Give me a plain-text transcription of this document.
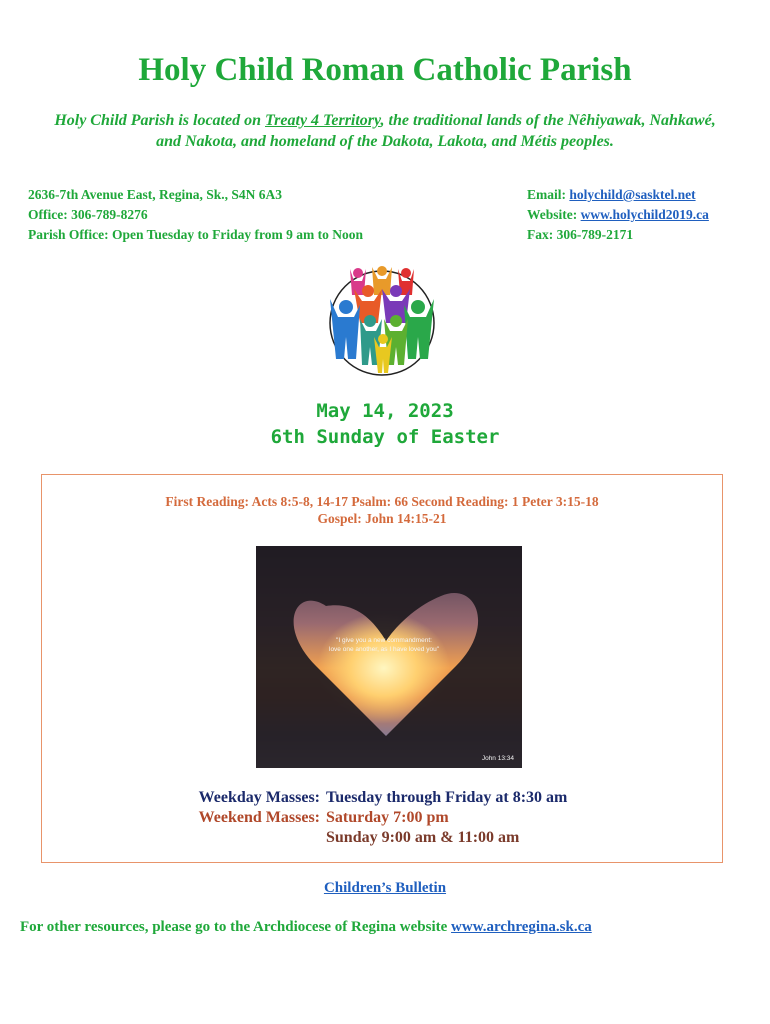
Holy Child Roman Catholic Parish
Holy Child Parish is located on Treaty 4 Territory, the traditional lands of the Nêhiyawak, Nahkawé, and Nakota, and homeland of the Dakota, Lakota, and Métis peoples.
2636-7th Avenue East, Regina, Sk., S4N 6A3
Office: 306-789-8276
Parish Office: Open Tuesday to Friday from 9 am to Noon
Email: holychild@sasktel.net
Website: www.holychild2019.ca
Fax: 306-789-2171
May 14, 2023
6th Sunday of Easter
First Reading: Acts 8:5-8, 14-17 Psalm: 66 Second Reading: 1 Peter 3:15-18
Gospel: John 14:15-21
"I give you a new commandment:
love one another, as I have loved you"
John 13:34
Weekday Masses: Tuesday through Friday at 8:30 am
Weekend Masses: Saturday 7:00 pm
Sunday 9:00 am & 11:00 am
Children’s Bulletin
For other resources, please go to the Archdiocese of Regina website www.archregina.sk.ca
